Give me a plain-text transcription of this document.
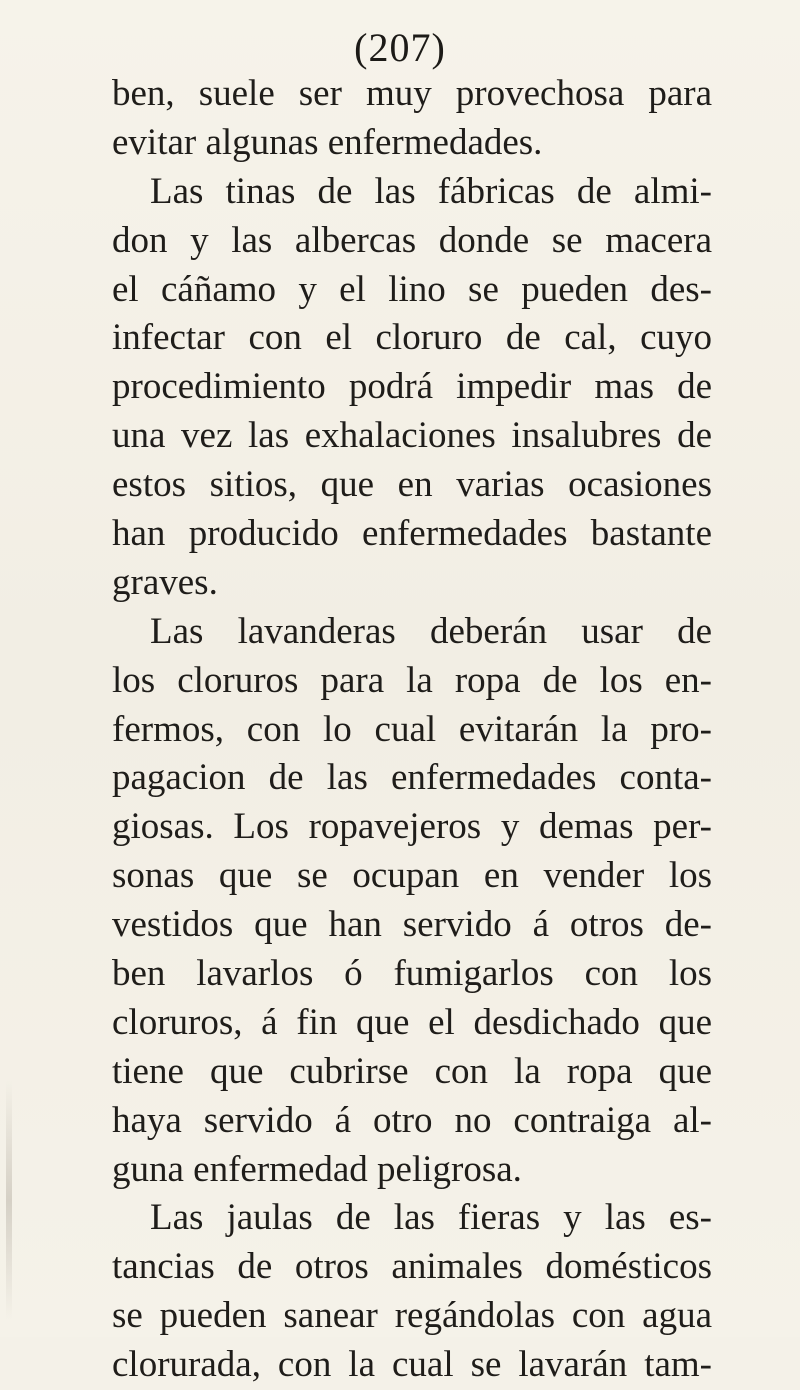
(207)
ben, suele ser muy provechosa para
evitar algunas enfermedades.
Las tinas de las fábricas de almi-
don y las albercas donde se macera
el cáñamo y el lino se pueden des-
infectar con el cloruro de cal, cuyo
procedimiento podrá impedir mas de
una vez las exhalaciones insalubres de
estos sitios, que en varias ocasiones
han producido enfermedades bastante
graves.
Las lavanderas deberán usar de
los cloruros para la ropa de los en-
fermos, con lo cual evitarán la pro-
pagacion de las enfermedades conta-
giosas. Los ropavejeros y demas per-
sonas que se ocupan en vender los
vestidos que han servido á otros de-
ben lavarlos ó fumigarlos con los
cloruros, á fin que el desdichado que
tiene que cubrirse con la ropa que
haya servido á otro no contraiga al-
guna enfermedad peligrosa.
Las jaulas de las fieras y las es-
tancias de otros animales domésticos
se pueden sanear regándolas con agua
clorurada, con la cual se lavarán tam-
